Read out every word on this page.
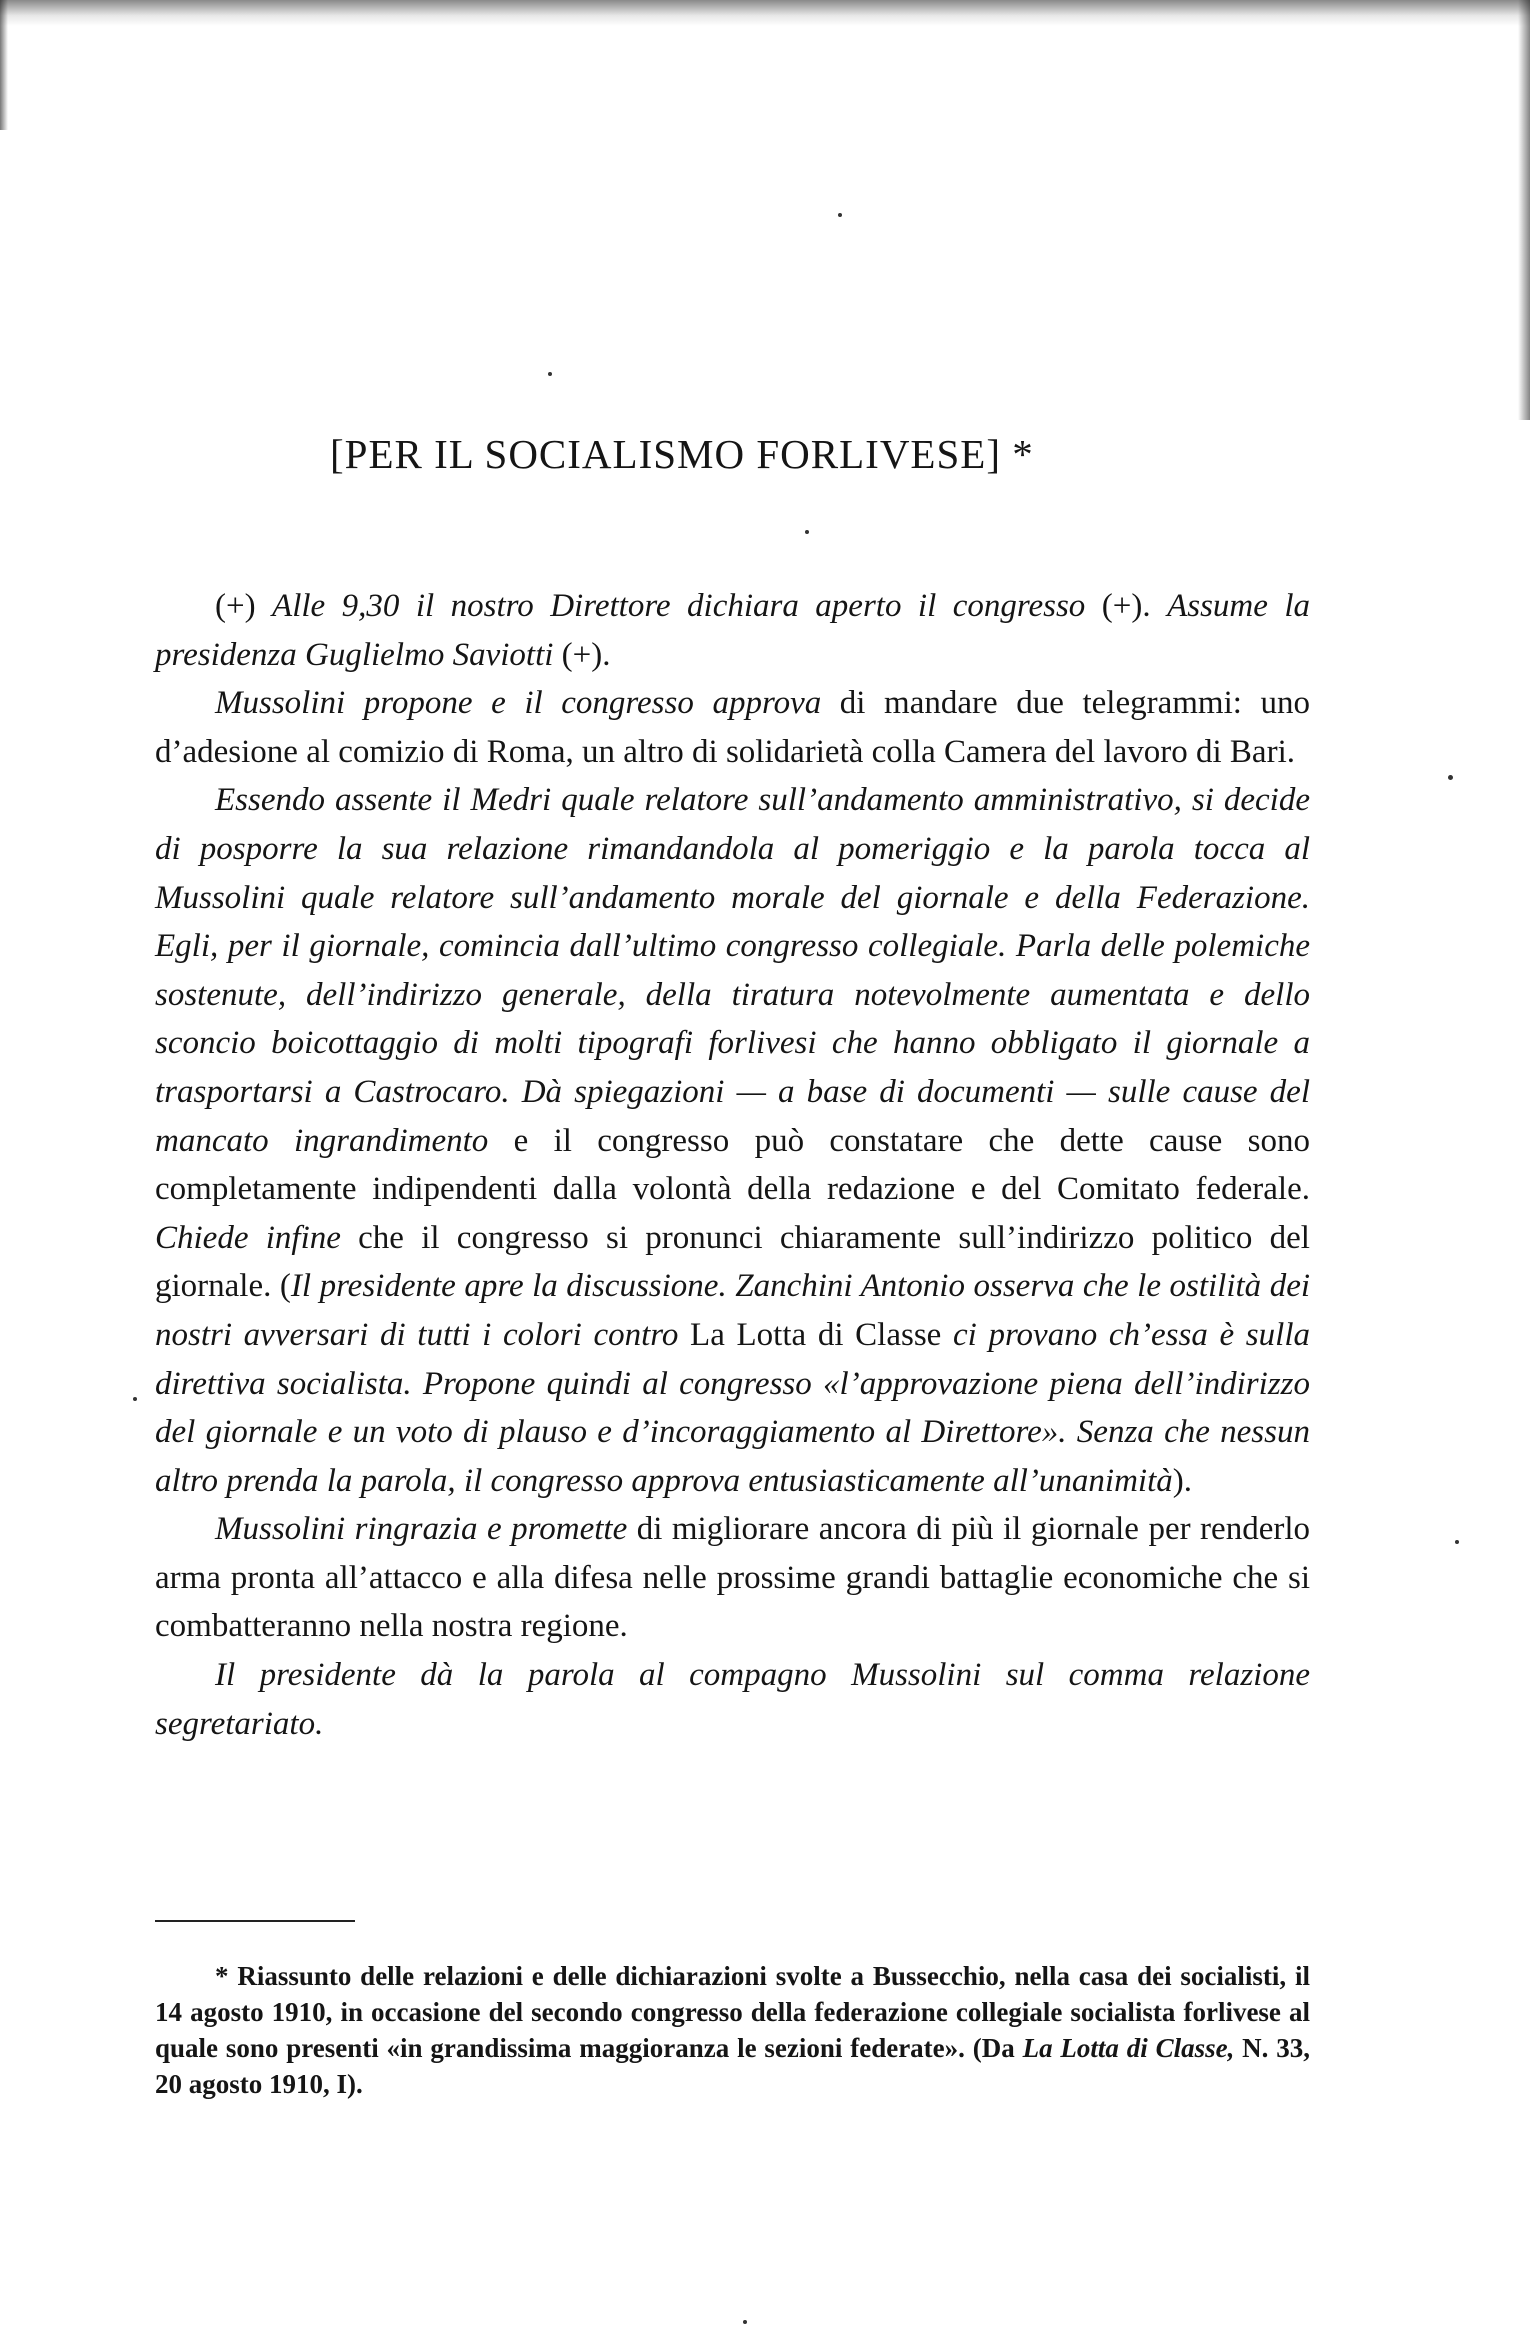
[PER IL SOCIALISMO FORLIVESE] *

(+) Alle 9,30 il nostro Direttore dichiara aperto il congresso (+). Assume la presidenza Guglielmo Saviotti (+).

Mussolini propone e il congresso approva di mandare due telegrammi: uno d’adesione al comizio di Roma, un altro di solidarietà colla Camera del lavoro di Bari.

Essendo assente il Medri quale relatore sull’andamento amministrativo, si decide di posporre la sua relazione rimandandola al pomeriggio e la parola tocca al Mussolini quale relatore sull’andamento morale del giornale e della Federazione. Egli, per il giornale, comincia dall’ultimo congresso collegiale. Parla delle polemiche sostenute, dell’indirizzo generale, della tiratura notevolmente aumentata e dello sconcio boicottaggio di molti tipografi forlivesi che hanno obbligato il giornale a trasportarsi a Castrocaro. Dà spiegazioni — a base di documenti — sulle cause del mancato ingrandimento e il congresso può constatare che dette cause sono completamente indipendenti dalla volontà della redazione e del Comitato federale. Chiede infine che il congresso si pronunci chiaramente sull’indirizzo politico del giornale. (Il presidente apre la discussione. Zanchini Antonio osserva che le ostilità dei nostri avversari di tutti i colori contro La Lotta di Classe ci provano ch’essa è sulla direttiva socialista. Propone quindi al congresso «l’approvazione piena dell’indirizzo del giornale e un voto di plauso e d’incoraggiamento al Direttore». Senza che nessun altro prenda la parola, il congresso approva entusiasticamente all’unanimità).

Mussolini ringrazia e promette di migliorare ancora di più il giornale per renderlo arma pronta all’attacco e alla difesa nelle prossime grandi battaglie economiche che si combatteranno nella nostra regione.

Il presidente dà la parola al compagno Mussolini sul comma relazione segretariato.

* Riassunto delle relazioni e delle dichiarazioni svolte a Bussecchio, nella casa dei socialisti, il 14 agosto 1910, in occasione del secondo congresso della federazione collegiale socialista forlivese al quale sono presenti «in grandissima maggioranza le sezioni federate». (Da La Lotta di Classe, N. 33, 20 agosto 1910, I).
